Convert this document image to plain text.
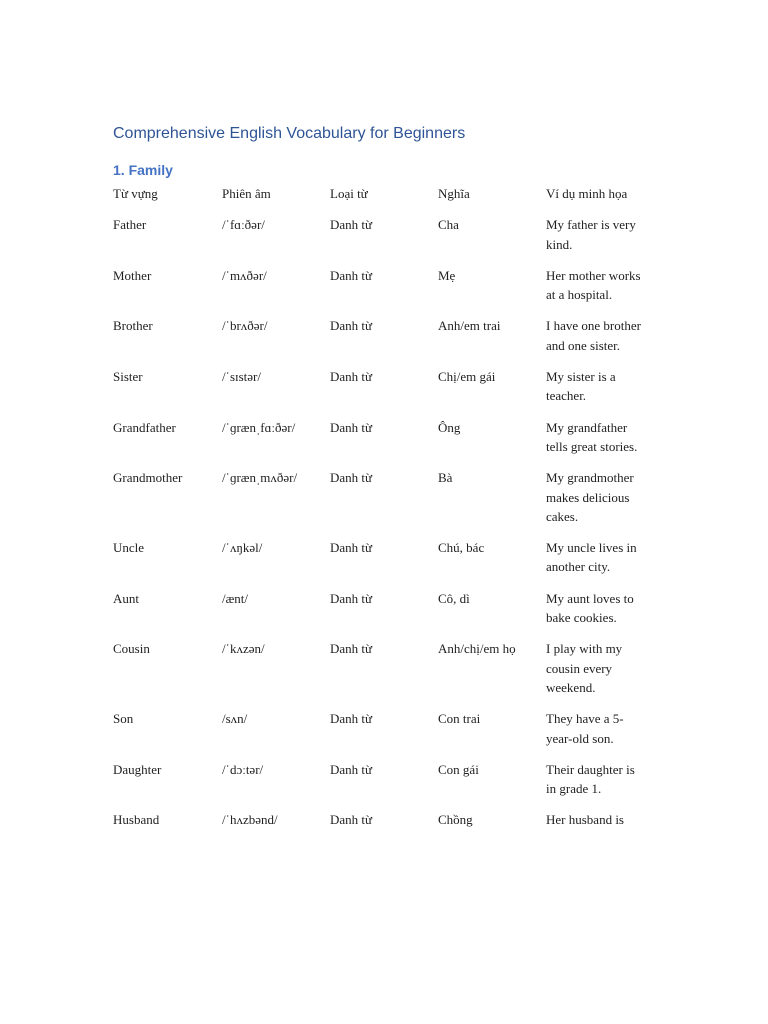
Comprehensive English Vocabulary for Beginners
1. Family
Từ vựng	Phiên âm	Loại từ	Nghĩa	Ví dụ minh họa
Father	/ˈfɑːðər/	Danh từ	Cha	My father is very kind.
Mother	/ˈmʌðər/	Danh từ	Mẹ	Her mother works at a hospital.
Brother	/ˈbrʌðər/	Danh từ	Anh/em trai	I have one brother and one sister.
Sister	/ˈsɪstər/	Danh từ	Chị/em gái	My sister is a teacher.
Grandfather	/ˈɡrænˌfɑːðər/	Danh từ	Ông	My grandfather tells great stories.
Grandmother	/ˈɡrænˌmʌðər/	Danh từ	Bà	My grandmother makes delicious cakes.
Uncle	/ˈʌŋkəl/	Danh từ	Chú, bác	My uncle lives in another city.
Aunt	/ænt/	Danh từ	Cô, dì	My aunt loves to bake cookies.
Cousin	/ˈkʌzən/	Danh từ	Anh/chị/em họ	I play with my cousin every weekend.
Son	/sʌn/	Danh từ	Con trai	They have a 5-year-old son.
Daughter	/ˈdɔːtər/	Danh từ	Con gái	Their daughter is in grade 1.
Husband	/ˈhʌzbənd/	Danh từ	Chồng	Her husband is
